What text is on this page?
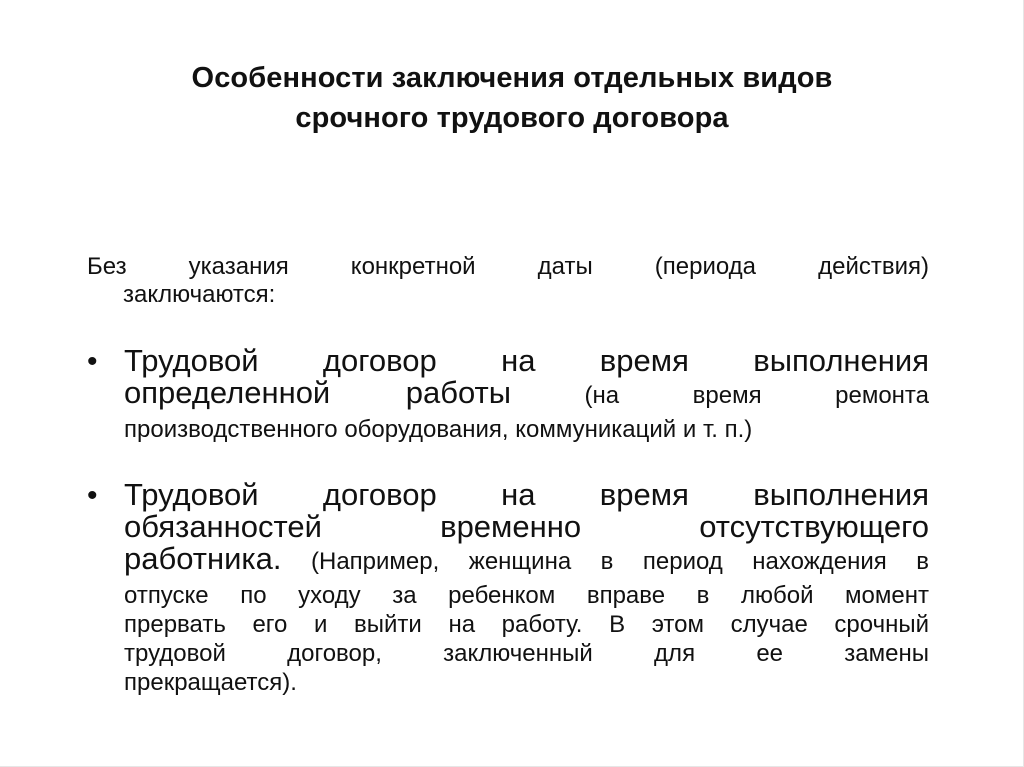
Особенности заключения отдельных видов
срочного трудового договора
Без указания конкретной даты (периода действия)
заключаются:
• Трудовой договор на время выполнения
определенной работы (на время ремонта
производственного оборудования, коммуникаций и т. п.)
• Трудовой договор на время выполнения
обязанностей временно отсутствующего
работника. (Например, женщина в период нахождения в
отпуске по уходу за ребенком вправе в любой момент
прервать его и выйти на работу. В этом случае срочный
трудовой договор, заключенный для ее замены
прекращается).
